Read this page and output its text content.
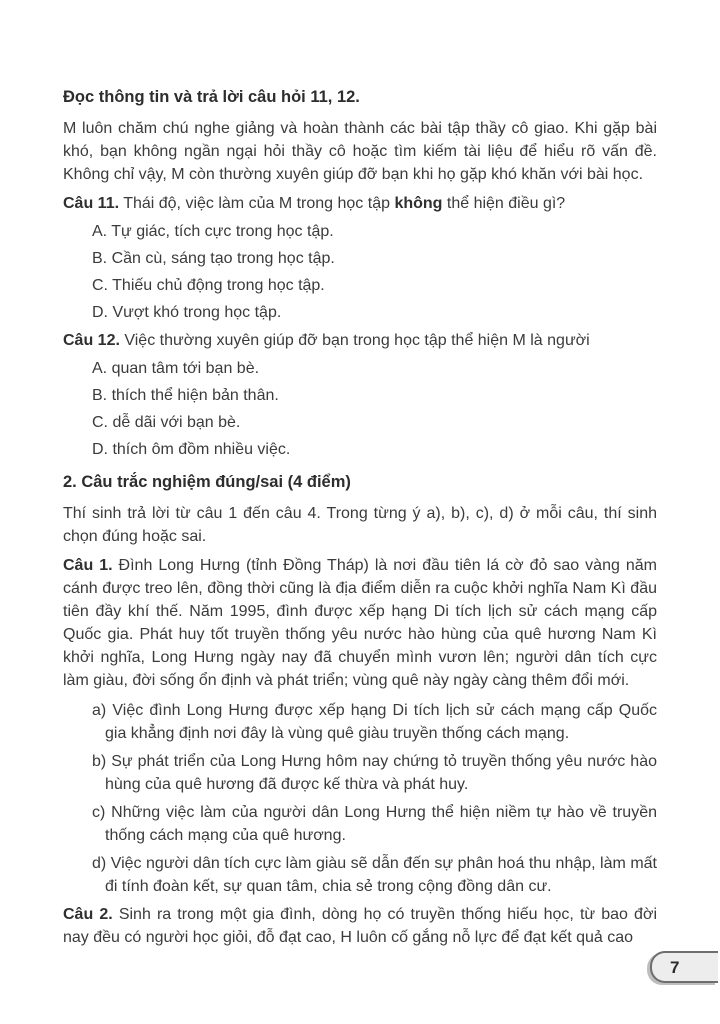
Đọc thông tin và trả lời câu hỏi 11, 12.

M luôn chăm chú nghe giảng và hoàn thành các bài tập thầy cô giao. Khi gặp bài khó, bạn không ngần ngại hỏi thầy cô hoặc tìm kiếm tài liệu để hiểu rõ vấn đề. Không chỉ vậy, M còn thường xuyên giúp đỡ bạn khi họ gặp khó khăn với bài học.

Câu 11. Thái độ, việc làm của M trong học tập không thể hiện điều gì?
A. Tự giác, tích cực trong học tập.
B. Cần cù, sáng tạo trong học tập.
C. Thiếu chủ động trong học tập.
D. Vượt khó trong học tập.
Câu 12. Việc thường xuyên giúp đỡ bạn trong học tập thể hiện M là người
A. quan tâm tới bạn bè.
B. thích thể hiện bản thân.
C. dễ dãi với bạn bè.
D. thích ôm đồm nhiều việc.
2. Câu trắc nghiệm đúng/sai (4 điểm)

Thí sinh trả lời từ câu 1 đến câu 4. Trong từng ý a), b), c), d) ở mỗi câu, thí sinh chọn đúng hoặc sai.

Câu 1. Đình Long Hưng (tỉnh Đồng Tháp) là nơi đầu tiên lá cờ đỏ sao vàng năm cánh được treo lên, đồng thời cũng là địa điểm diễn ra cuộc khởi nghĩa Nam Kì đầu tiên đầy khí thế. Năm 1995, đình được xếp hạng Di tích lịch sử cách mạng cấp Quốc gia. Phát huy tốt truyền thống yêu nước hào hùng của quê hương Nam Kì khởi nghĩa, Long Hưng ngày nay đã chuyển mình vươn lên; người dân tích cực làm giàu, đời sống ổn định và phát triển; vùng quê này ngày càng thêm đổi mới.
a) Việc đình Long Hưng được xếp hạng Di tích lịch sử cách mạng cấp Quốc gia khẳng định nơi đây là vùng quê giàu truyền thống cách mạng.
b) Sự phát triển của Long Hưng hôm nay chứng tỏ truyền thống yêu nước hào hùng của quê hương đã được kế thừa và phát huy.
c) Những việc làm của người dân Long Hưng thể hiện niềm tự hào về truyền thống cách mạng của quê hương.
d) Việc người dân tích cực làm giàu sẽ dẫn đến sự phân hoá thu nhập, làm mất đi tính đoàn kết, sự quan tâm, chia sẻ trong cộng đồng dân cư.
Câu 2. Sinh ra trong một gia đình, dòng họ có truyền thống hiếu học, từ bao đời nay đều có người học giỏi, đỗ đạt cao, H luôn cố gắng nỗ lực để đạt kết quả cao
7
